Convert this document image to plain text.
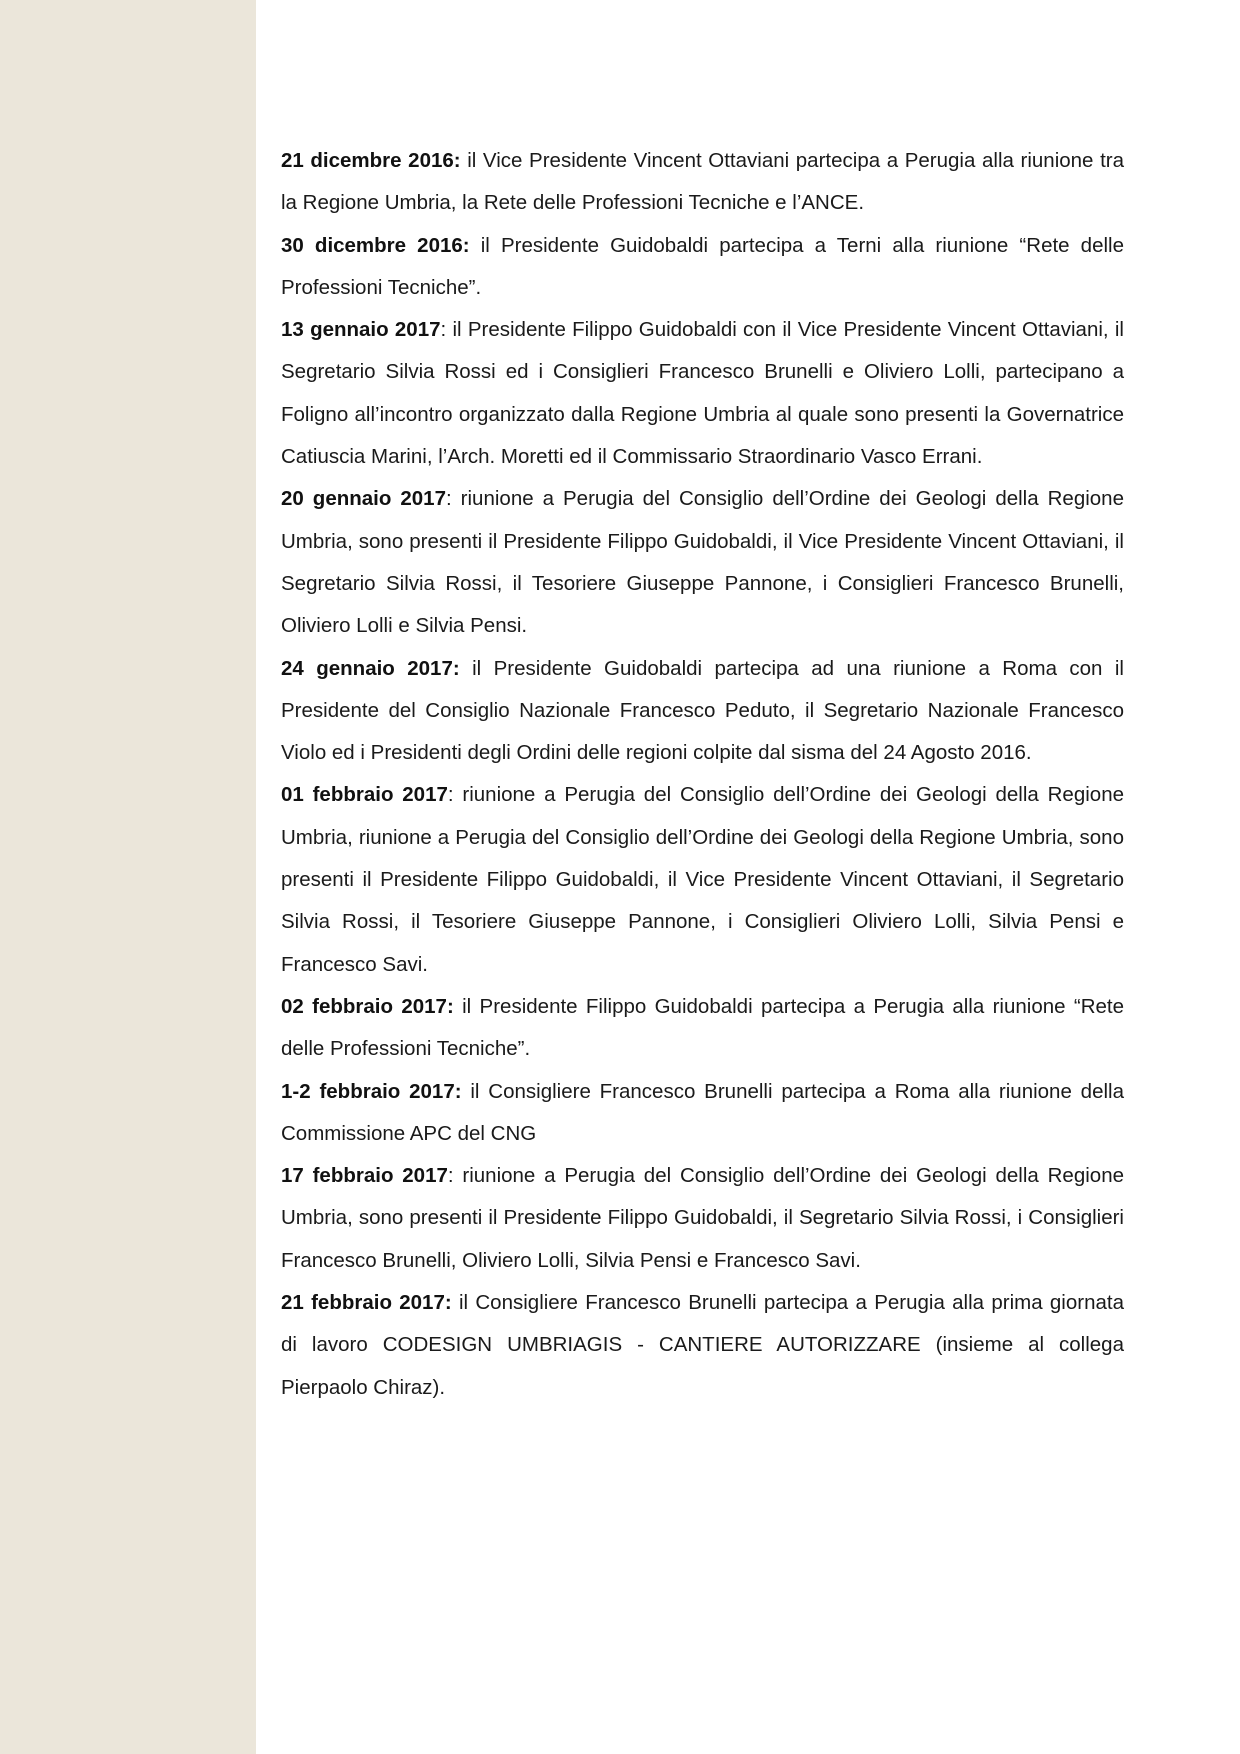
21 dicembre 2016: il Vice Presidente Vincent Ottaviani partecipa a Perugia alla riunione tra la Regione Umbria, la Rete delle Professioni Tecniche e l’ANCE.

30 dicembre 2016: il Presidente Guidobaldi partecipa a Terni alla riunione “Rete delle Professioni Tecniche”.

13 gennaio 2017: il Presidente Filippo Guidobaldi con il Vice Presidente Vincent Ottaviani, il Segretario Silvia Rossi ed i Consiglieri Francesco Brunelli e Oliviero Lolli, partecipano a Foligno all’incontro organizzato dalla Regione Umbria al quale sono presenti la Governatrice Catiuscia Marini, l’Arch. Moretti ed il Commissario Straordinario Vasco Errani.

20 gennaio 2017: riunione a Perugia del Consiglio dell’Ordine dei Geologi della Regione Umbria, sono presenti il Presidente Filippo Guidobaldi, il Vice Presidente Vincent Ottaviani, il Segretario Silvia Rossi, il Tesoriere Giuseppe Pannone, i Consiglieri Francesco Brunelli, Oliviero Lolli e Silvia Pensi.

24 gennaio 2017: il Presidente Guidobaldi partecipa ad una riunione a Roma con il Presidente del Consiglio Nazionale Francesco Peduto, il Segretario Nazionale Francesco Violo ed i Presidenti degli Ordini delle regioni colpite dal sisma del 24 Agosto 2016.

01 febbraio 2017: riunione a Perugia del Consiglio dell’Ordine dei Geologi della Regione Umbria, riunione a Perugia del Consiglio dell’Ordine dei Geologi della Regione Umbria, sono presenti il Presidente Filippo Guidobaldi, il Vice Presidente Vincent Ottaviani, il Segretario Silvia Rossi, il Tesoriere Giuseppe Pannone, i Consiglieri Oliviero Lolli, Silvia Pensi e Francesco Savi.

02 febbraio 2017: il Presidente Filippo Guidobaldi partecipa a Perugia alla riunione “Rete delle Professioni Tecniche”.

1-2 febbraio 2017: il Consigliere Francesco Brunelli partecipa a Roma alla riunione della Commissione APC del CNG

17 febbraio 2017: riunione a Perugia del Consiglio dell’Ordine dei Geologi della Regione Umbria, sono presenti il Presidente Filippo Guidobaldi, il Segretario Silvia Rossi, i Consiglieri Francesco Brunelli, Oliviero Lolli, Silvia Pensi e Francesco Savi.

21 febbraio 2017: il Consigliere Francesco Brunelli partecipa a Perugia alla prima giornata di lavoro CODESIGN UMBRIAGIS - CANTIERE AUTORIZZARE (insieme al collega Pierpaolo Chiraz).
